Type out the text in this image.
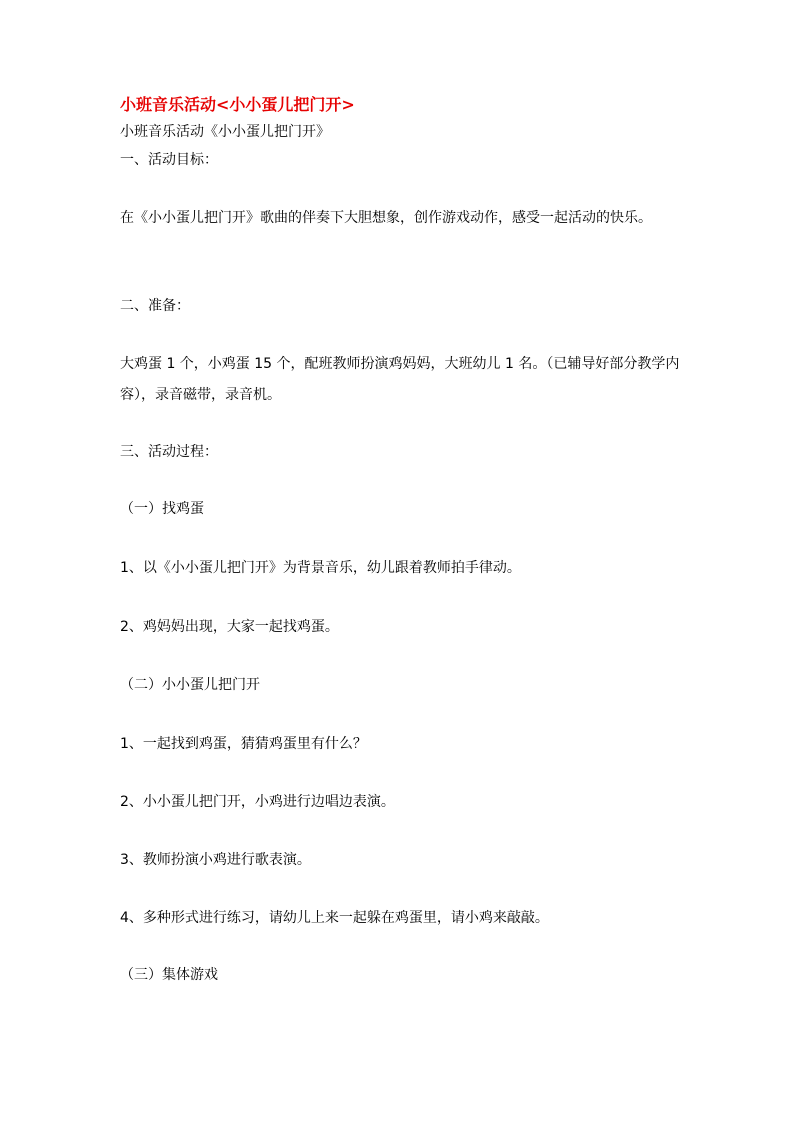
小班音乐活动<小小蛋儿把门开>
小班音乐活动《小小蛋儿把门开》
一、活动目标：
在《小小蛋儿把门开》歌曲的伴奏下大胆想象，创作游戏动作，感受一起活动的快乐。
二、准备：
大鸡蛋 1 个，小鸡蛋 15 个，配班教师扮演鸡妈妈，大班幼儿 1 名。（已辅导好部分教学内容），录音磁带，录音机。
三、活动过程：
（一）找鸡蛋
1、以《小小蛋儿把门开》为背景音乐，幼儿跟着教师拍手律动。
2、鸡妈妈出现，大家一起找鸡蛋。
（二）小小蛋儿把门开
1、一起找到鸡蛋，猜猜鸡蛋里有什么？
2、小小蛋儿把门开，小鸡进行边唱边表演。
3、教师扮演小鸡进行歌表演。
4、多种形式进行练习，请幼儿上来一起躲在鸡蛋里，请小鸡来敲敲。
（三）集体游戏
